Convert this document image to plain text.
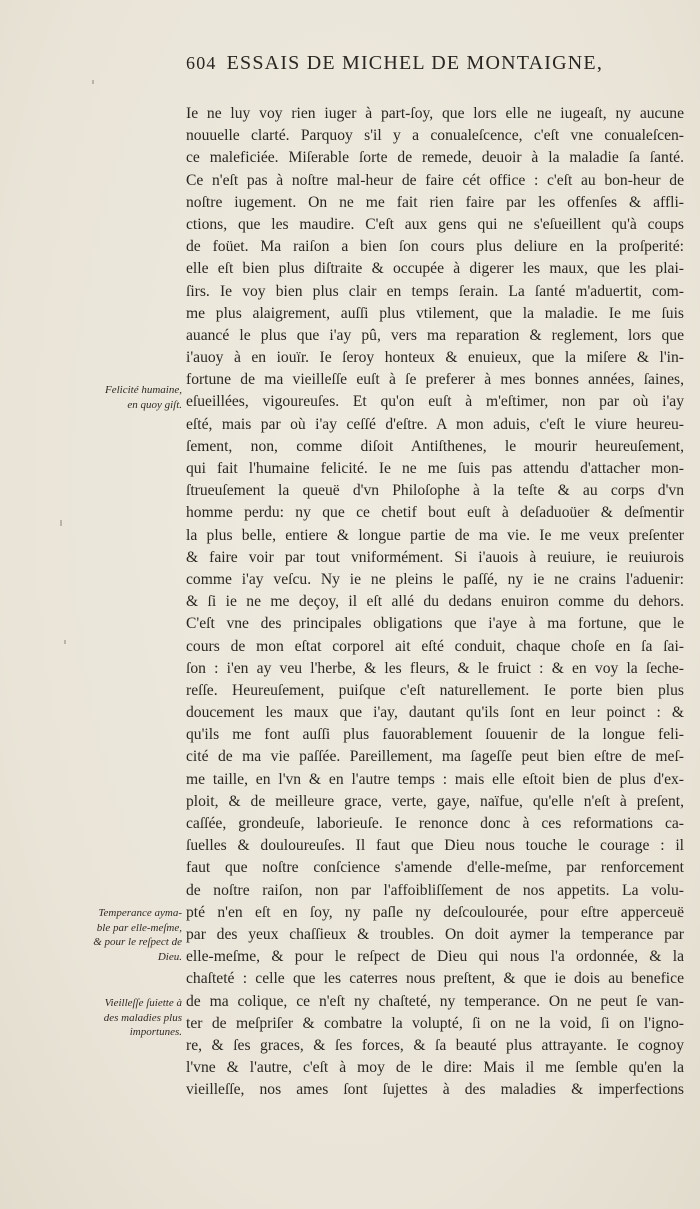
604 ESSAIS DE MICHEL DE MONTAIGNE,
Ie ne luy voy rien iuger à part-ſoy, que lors elle ne iugeaſt, ny aucune
nouuelle clarté. Parquoy s'il y a conualeſcence, c'eſt vne conualeſcen-
ce maleficiée. Miſerable ſorte de remede, deuoir à la maladie ſa ſanté.
Ce n'eſt pas à noſtre mal-heur de faire cét office : c'eſt au bon-heur de
noſtre iugement. On ne me fait rien faire par les offenſes & affli-
ctions, que les maudire. C'eſt aux gens qui ne s'eſueillent qu'à coups
de foüet. Ma raiſon a bien ſon cours plus deliure en la proſperité:
elle eſt bien plus diſtraite & occupée à digerer les maux, que les plai-
ſirs. Ie voy bien plus clair en temps ſerain. La ſanté m'aduertit, com-
me plus alaigrement, auſſi plus vtilement, que la maladie. Ie me ſuis
auancé le plus que i'ay pû, vers ma reparation & reglement, lors que
i'auoy à en iouïr. Ie ſeroy honteux & enuieux, que la miſere & l'in-
fortune de ma vieilleſſe euſt à ſe preferer à mes bonnes années, ſaines,
eſueillées, vigoureuſes. Et qu'on euſt à m'eſtimer, non par où i'ay
eſté, mais par où i'ay ceſſé d'eſtre. A mon aduis, c'eſt le viure heureu-
ſement, non, comme diſoit Antiſthenes, le mourir heureuſement,
qui fait l'humaine felicité. Ie ne me ſuis pas attendu d'attacher mon-
ſtrueuſement la queuë d'vn Philoſophe à la teſte & au corps d'vn
homme perdu: ny que ce chetif bout euſt à deſaduoüer & deſmentir
la plus belle, entiere & longue partie de ma vie. Ie me veux preſenter
& faire voir par tout vniformément. Si i'auois à reuiure, ie reuiurois
comme i'ay veſcu. Ny ie ne pleins le paſſé, ny ie ne crains l'aduenir:
& ſi ie ne me deçoy, il eſt allé du dedans enuiron comme du dehors.
C'eſt vne des principales obligations que i'aye à ma fortune, que le
cours de mon eſtat corporel ait eſté conduit, chaque choſe en ſa ſai-
ſon : i'en ay veu l'herbe, & les fleurs, & le fruict : & en voy la ſeche-
reſſe. Heureuſement, puiſque c'eſt naturellement. Ie porte bien plus
doucement les maux que i'ay, dautant qu'ils ſont en leur poinct : &
qu'ils me font auſſi plus fauorablement ſouuenir de la longue feli-
cité de ma vie paſſée. Pareillement, ma ſageſſe peut bien eſtre de meſ-
me taille, en l'vn & en l'autre temps : mais elle eſtoit bien de plus d'ex-
ploit, & de meilleure grace, verte, gaye, naïfue, qu'elle n'eſt à preſent,
caſſée, grondeuſe, laborieuſe. Ie renonce donc à ces reformations ca-
ſuelles & douloureuſes. Il faut que Dieu nous touche le courage : il
faut que noſtre conſcience s'amende d'elle-meſme, par renforcement
de noſtre raiſon, non par l'affoibliſſement de nos appetits. La volu-
pté n'en eſt en ſoy, ny paſle ny deſcoulourée, pour eſtre apperceuë
par des yeux chaſſieux & troubles. On doit aymer la temperance par
elle-meſme, & pour le reſpect de Dieu qui nous l'a ordonnée, & la
chaſteté : celle que les caterres nous preſtent, & que ie dois au benefice
de ma colique, ce n'eſt ny chaſteté, ny temperance. On ne peut ſe van-
ter de meſpriſer & combatre la volupté, ſi on ne la void, ſi on l'igno-
re, & ſes graces, & ſes forces, & ſa beauté plus attrayante. Ie cognoy
l'vne & l'autre, c'eſt à moy de le dire: Mais il me ſemble qu'en la
vieilleſſe, nos ames ſont ſujettes à des maladies & imperfections
Felicité humaine,
en quoy giſt.
Temperance ayma-
ble par elle-meſme,
& pour le reſpect de
Dieu.
Vieilleſſe ſuiette à
des maladies plus
importunes.
